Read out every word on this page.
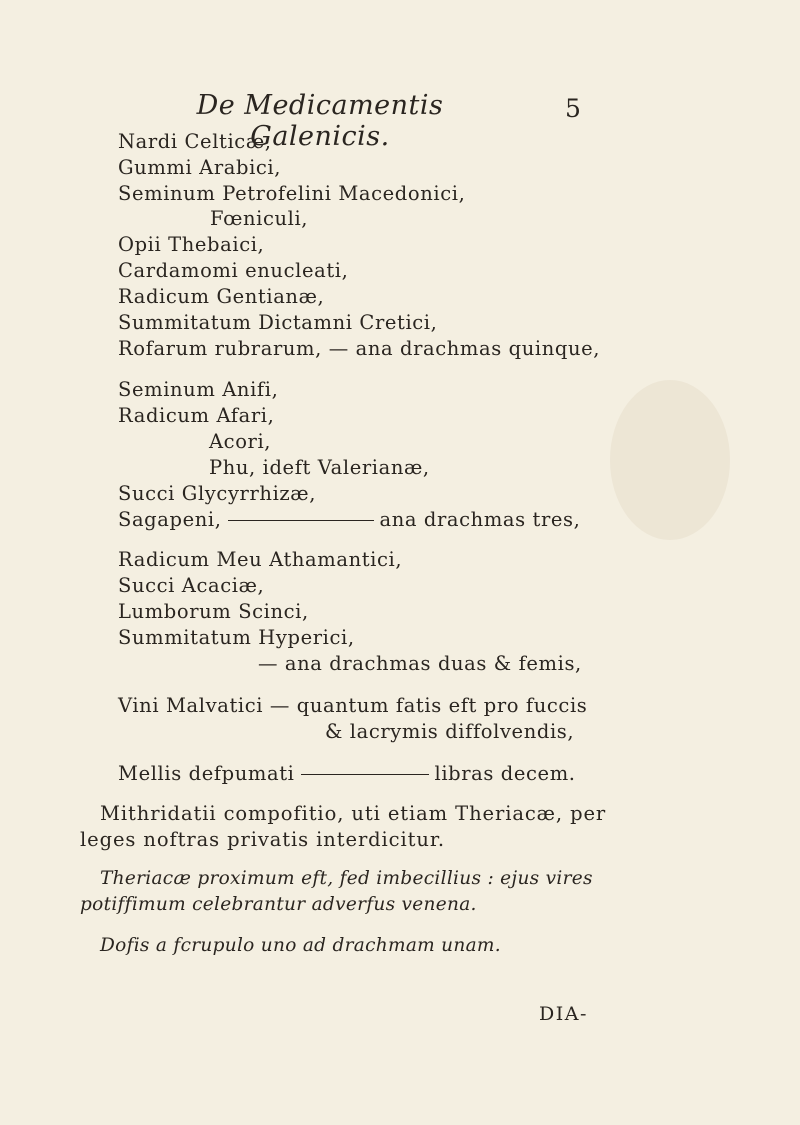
De Medicamentis Galenicis.
5
Nardi Celticæ,
Gummi Arabici,
Seminum Petrofelini Macedonici,
Fœniculi,
Opii Thebaici,
Cardamomi enucleati,
Radicum Gentianæ,
Summitatum Dictamni Cretici,
Rofarum rubrarum, — ana drachmas quinque,
Seminum Anifi,
Radicum Afari,
Acori,
Phu, ideft Valerianæ,
Succi Glycyrrhizæ,
Sagapeni,	ana drachmas tres,
Radicum Meu Athamantici,
Succi Acaciæ,
Lumborum Scinci,
Summitatum Hyperici,
— ana drachmas duas & femis,
Vini Malvatici — quantum fatis eft pro fuccis
& lacrymis diffolvendis,
Mellis defpumati	libras decem.
Mithridatii compofitio, uti etiam Theriacæ, per
leges noftras privatis interdicitur.
Theriacæ proximum eft, fed imbecillius : ejus vires
potiffimum celebrantur adverfus venena.
Dofis a fcrupulo uno ad drachmam unam.
DIA-
